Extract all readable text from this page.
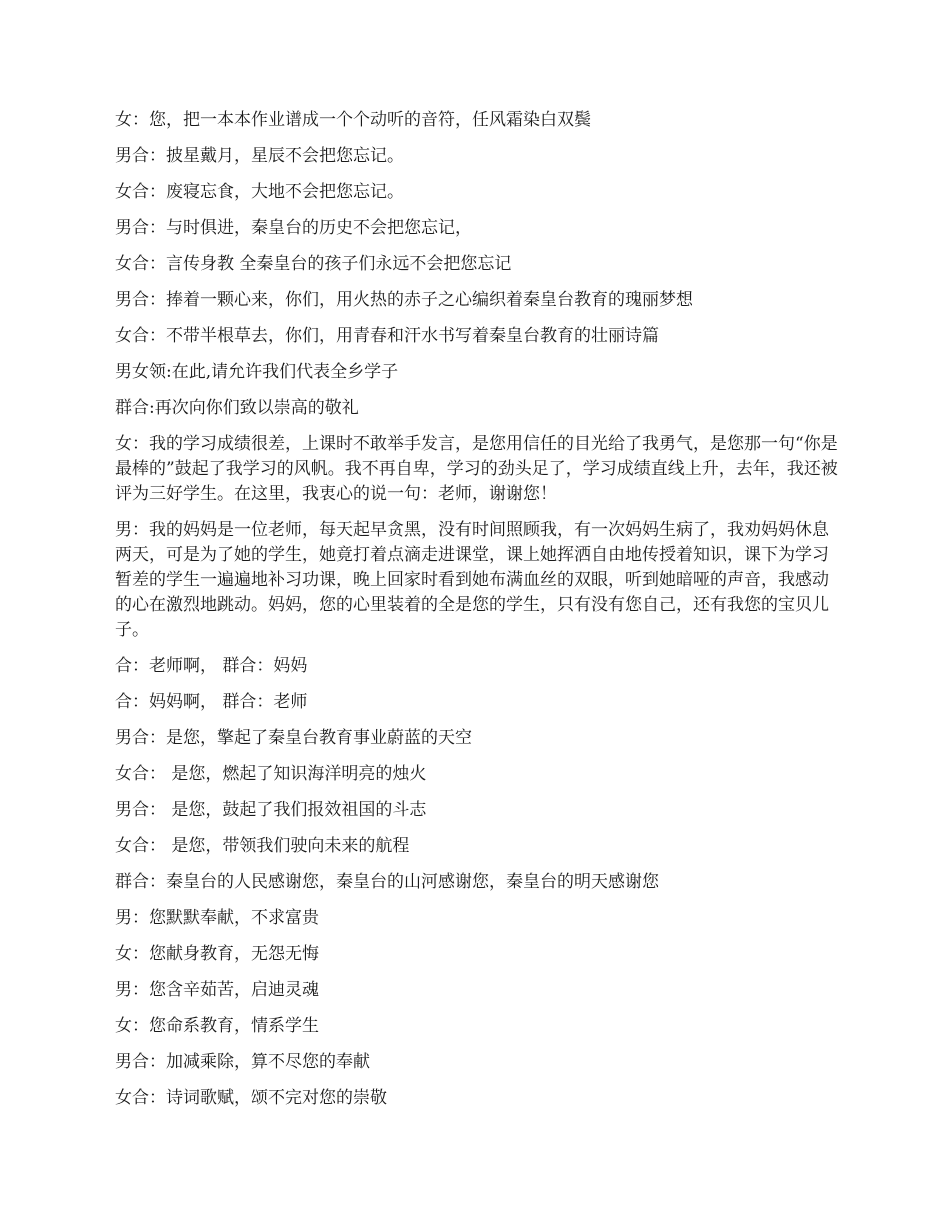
女：您，把一本本作业谱成一个个动听的音符，任风霜染白双鬓

男合：披星戴月，星辰不会把您忘记。

女合：废寝忘食，大地不会把您忘记。

男合：与时俱进，秦皇台的历史不会把您忘记，

女合：言传身教 全秦皇台的孩子们永远不会把您忘记

男合：捧着一颗心来，你们，用火热的赤子之心编织着秦皇台教育的瑰丽梦想

女合：不带半根草去，你们，用青春和汗水书写着秦皇台教育的壮丽诗篇

男女领:在此,请允许我们代表全乡学子

群合:再次向你们致以崇高的敬礼

女：我的学习成绩很差，上课时不敢举手发言，是您用信任的目光给了我勇气，是您那一句“你是最棒的”鼓起了我学习的风帆。我不再自卑，学习的劲头足了，学习成绩直线上升，去年，我还被评为三好学生。在这里，我衷心的说一句：老师，谢谢您！

男：我的妈妈是一位老师，每天起早贪黑，没有时间照顾我，有一次妈妈生病了，我劝妈妈休息两天，可是为了她的学生，她竟打着点滴走进课堂，课上她挥洒自由地传授着知识，课下为学习暂差的学生一遍遍地补习功课，晚上回家时看到她布满血丝的双眼，听到她暗哑的声音，我感动的心在激烈地跳动。妈妈，您的心里装着的全是您的学生，只有没有您自己，还有我您的宝贝儿子。

合：老师啊， 群合：妈妈

合：妈妈啊， 群合：老师

男合：是您，擎起了秦皇台教育事业蔚蓝的天空

女合： 是您，燃起了知识海洋明亮的烛火

男合： 是您，鼓起了我们报效祖国的斗志

女合： 是您，带领我们驶向未来的航程

群合：秦皇台的人民感谢您，秦皇台的山河感谢您，秦皇台的明天感谢您

男：您默默奉献，不求富贵

女：您献身教育，无怨无悔

男：您含辛茹苦，启迪灵魂

女：您命系教育，情系学生

男合：加减乘除，算不尽您的奉献

女合：诗词歌赋，颂不完对您的崇敬
